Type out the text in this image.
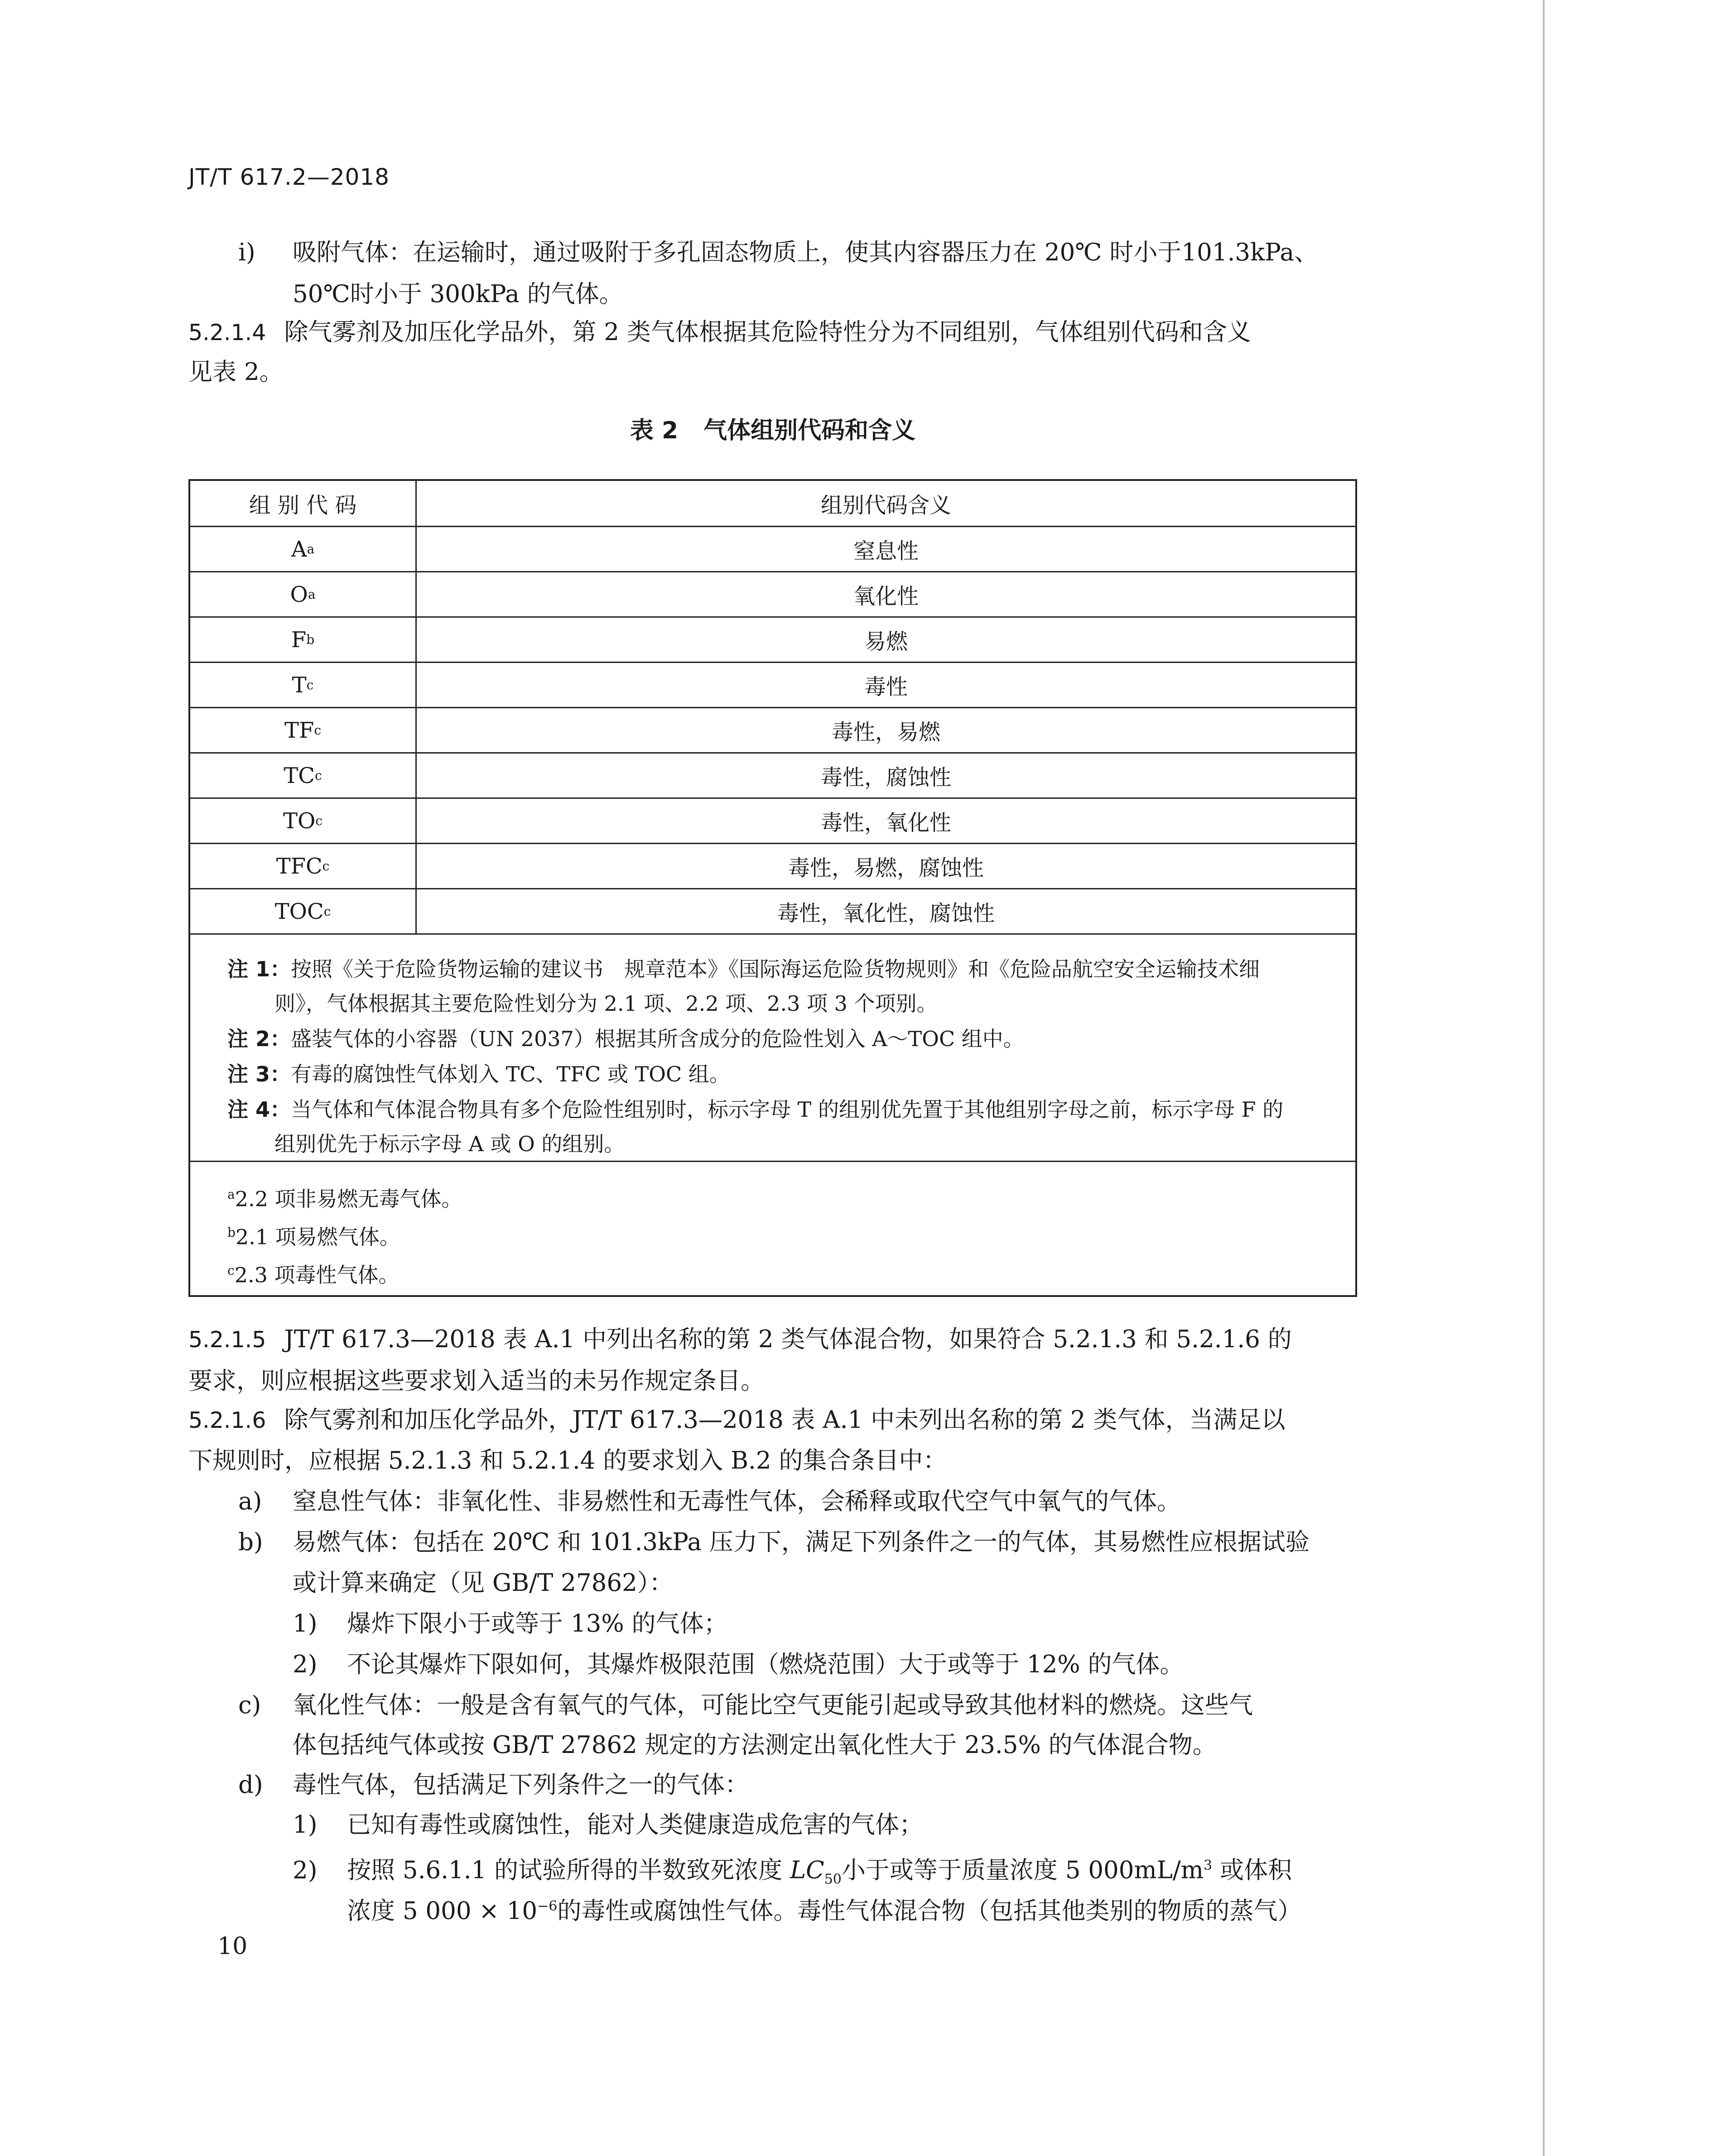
JT/T 617.2—2018
i) 吸附气体：在运输时，通过吸附于多孔固态物质上，使其内容器压力在 20℃ 时小于101.3kPa、
50℃时小于 300kPa 的气体。
5.2.1.4 除气雾剂及加压化学品外，第 2 类气体根据其危险特性分为不同组别，气体组别代码和含义
见表 2。
表 2 气体组别代码和含义
组 别 代 码	组别代码含义
A a	窒息性
O a	氧化性
F b	易燃
T c	毒性
TF c	毒性，易燃
TC c	毒性，腐蚀性
TO c	毒性，氧化性
TFC c	毒性，易燃，腐蚀性
TOC c	毒性，氧化性，腐蚀性
注 1：按照《关于危险货物运输的建议书　规章范本》《国际海运危险货物规则》和《危险品航空安全运输技术细
则》，气体根据其主要危险性划分为 2.1 项、2.2 项、2.3 项 3 个项别。
注 2：盛装气体的小容器（UN 2037）根据其所含成分的危险性划入 A～TOC 组中。
注 3：有毒的腐蚀性气体划入 TC、TFC 或 TOC 组。
注 4：当气体和气体混合物具有多个危险性组别时，标示字母 T 的组别优先置于其他组别字母之前，标示字母 F 的
组别优先于标示字母 A 或 O 的组别。
$^a$2.2 项非易燃无毒气体。
$^b$2.1 项易燃气体。
$^c$2.3 项毒性气体。
5.2.1.5 JT/T 617.3—2018 表 A.1 中列出名称的第 2 类气体混合物，如果符合 5.2.1.3 和 5.2.1.6 的
要求，则应根据这些要求划入适当的未另作规定条目。
5.2.1.6 除气雾剂和加压化学品外，JT/T 617.3—2018 表 A.1 中未列出名称的第 2 类气体，当满足以
下规则时，应根据 5.2.1.3 和 5.2.1.4 的要求划入 B.2 的集合条目中：
a) 窒息性气体：非氧化性、非易燃性和无毒性气体，会稀释或取代空气中氧气的气体。
b) 易燃气体：包括在 20℃ 和 101.3kPa 压力下，满足下列条件之一的气体，其易燃性应根据试验
或计算来确定（见 GB/T 27862）：
1) 爆炸下限小于或等于 13% 的气体；
2) 不论其爆炸下限如何，其爆炸极限范围（燃烧范围）大于或等于 12% 的气体。
c) 氧化性气体：一般是含有氧气的气体，可能比空气更能引起或导致其他材料的燃烧。这些气
体包括纯气体或按 GB/T 27862 规定的方法测定出氧化性大于 23.5% 的气体混合物。
d) 毒性气体，包括满足下列条件之一的气体：
1) 已知有毒性或腐蚀性，能对人类健康造成危害的气体；
2) 按照 5.6.1.1 的试验所得的半数致死浓度 $LC_{50}$小于或等于质量浓度 5 $000mL/m^3$ 或体积
浓度 5 $000 \times 10^{-6}$的毒性或腐蚀性气体。毒性气体混合物（包括其他类别的物质的蒸气）
10
